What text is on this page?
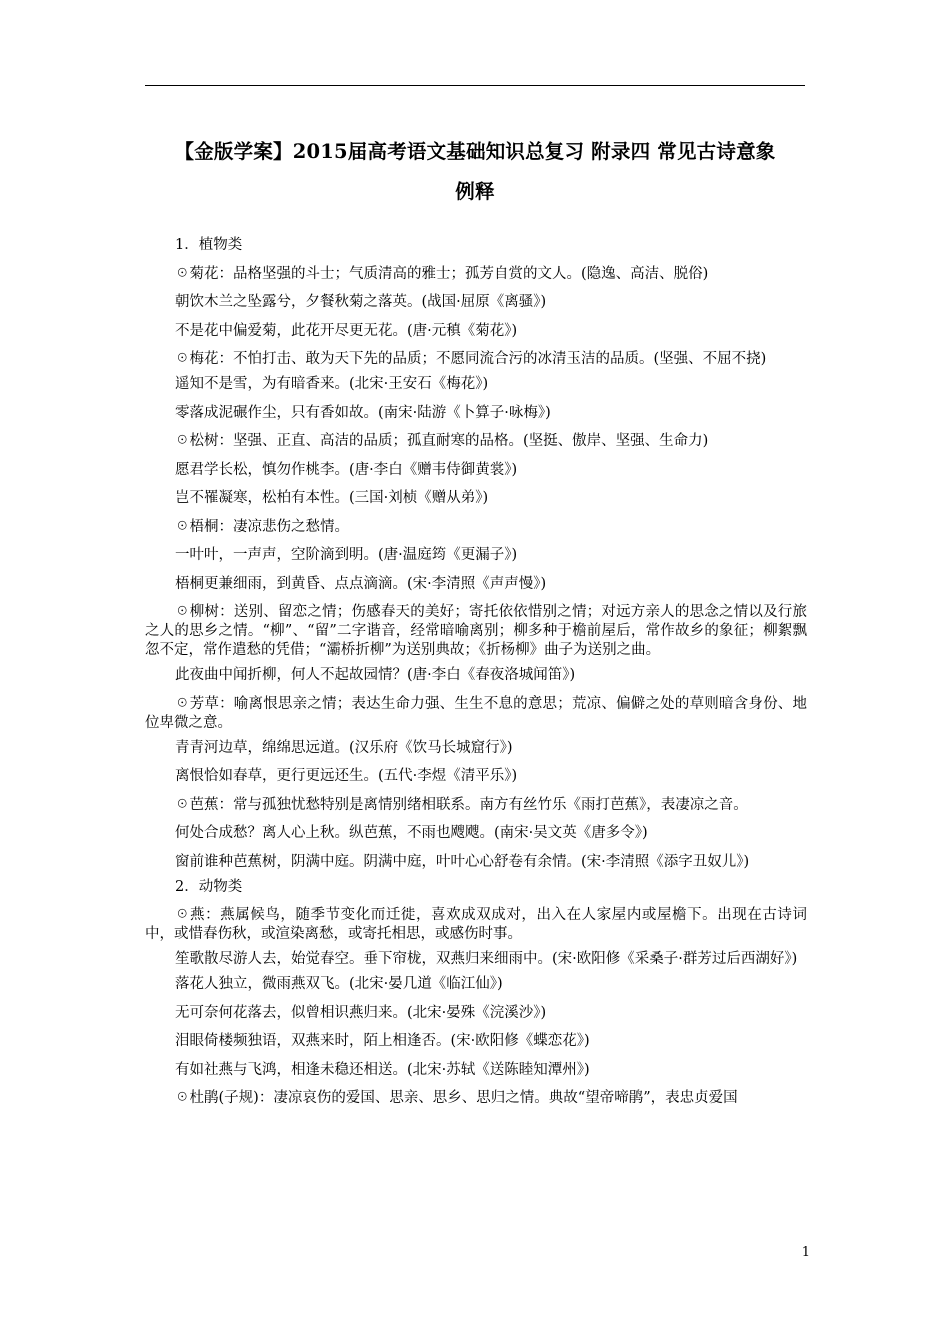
【金版学案】2015届高考语文基础知识总复习 附录四 常见古诗意象
例释

1．植物类

☉菊花：品格坚强的斗士；气质清高的雅士；孤芳自赏的文人。(隐逸、高洁、脱俗)

朝饮木兰之坠露兮，夕餐秋菊之落英。(战国·屈原《离骚》)

不是花中偏爱菊，此花开尽更无花。(唐·元稹《菊花》)

☉梅花：不怕打击、敢为天下先的品质；不愿同流合污的冰清玉洁的品质。(坚强、不屈不挠)

遥知不是雪，为有暗香来。(北宋·王安石《梅花》)

零落成泥碾作尘，只有香如故。(南宋·陆游《卜算子·咏梅》)

☉松树：坚强、正直、高洁的品质；孤直耐寒的品格。(坚挺、傲岸、坚强、生命力)

愿君学长松，慎勿作桃李。(唐·李白《赠韦侍御黄裳》)

岂不罹凝寒，松柏有本性。(三国·刘桢《赠从弟》)

☉梧桐：凄凉悲伤之愁情。

一叶叶，一声声，空阶滴到明。(唐·温庭筠《更漏子》)

梧桐更兼细雨，到黄昏、点点滴滴。(宋·李清照《声声慢》)

☉柳树：送别、留恋之情；伤感春天的美好；寄托依依惜别之情；对远方亲人的思念之情以及行旅之人的思乡之情。“柳”、“留”二字谐音，经常暗喻离别；柳多种于檐前屋后，常作故乡的象征；柳絮飘忽不定，常作遣愁的凭借；“灞桥折柳”为送别典故；《折杨柳》曲子为送别之曲。

此夜曲中闻折柳，何人不起故园情？(唐·李白《春夜洛城闻笛》)

☉芳草：喻离恨思亲之情；表达生命力强、生生不息的意思；荒凉、偏僻之处的草则暗含身份、地位卑微之意。

青青河边草，绵绵思远道。(汉乐府《饮马长城窟行》)

离恨恰如春草，更行更远还生。(五代·李煜《清平乐》)

☉芭蕉：常与孤独忧愁特别是离情别绪相联系。南方有丝竹乐《雨打芭蕉》，表凄凉之音。

何处合成愁？离人心上秋。纵芭蕉，不雨也飕飕。(南宋·吴文英《唐多令》)

窗前谁种芭蕉树，阴满中庭。阴满中庭，叶叶心心舒卷有余情。(宋·李清照《添字丑奴儿》)

2．动物类

☉燕：燕属候鸟，随季节变化而迁徙，喜欢成双成对，出入在人家屋内或屋檐下。出现在古诗词中，或惜春伤秋，或渲染离愁，或寄托相思，或感伤时事。

笙歌散尽游人去，始觉春空。垂下帘栊，双燕归来细雨中。(宋·欧阳修《采桑子·群芳过后西湖好》)

落花人独立，微雨燕双飞。(北宋·晏几道《临江仙》)

无可奈何花落去，似曾相识燕归来。(北宋·晏殊《浣溪沙》)

泪眼倚楼频独语，双燕来时，陌上相逢否。(宋·欧阳修《蝶恋花》)

有如社燕与飞鸿，相逢未稳还相送。(北宋·苏轼《送陈睦知潭州》)

☉杜鹃(子规)：凄凉哀伤的爱国、思亲、思乡、思归之情。典故“望帝啼鹃”，表忠贞爱国

1
